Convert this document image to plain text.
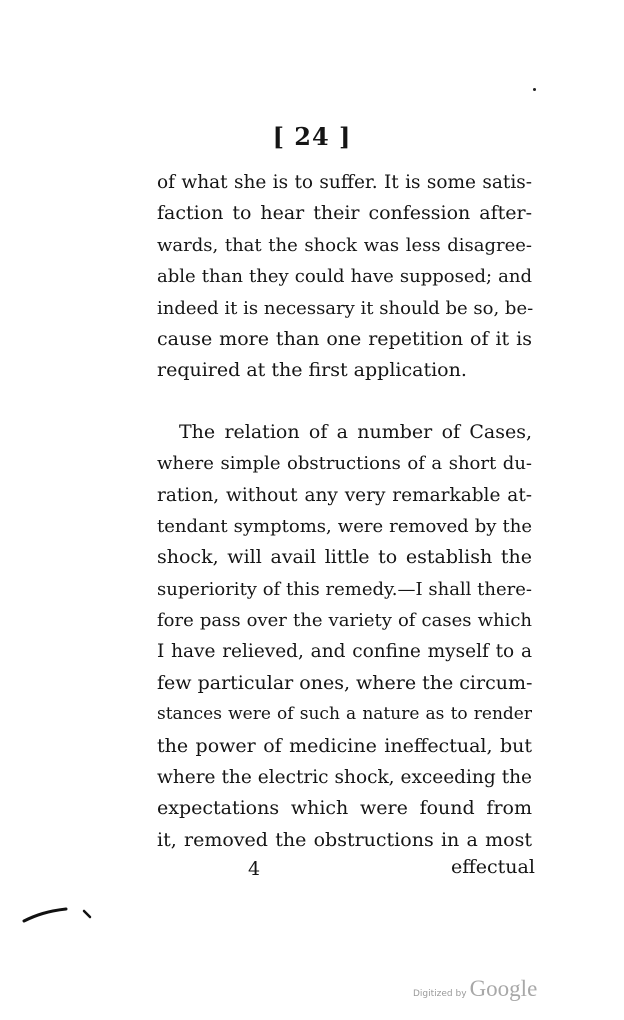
[ 24 ]
of what she is to suffer. It is some satis-
faction to hear their confession after-
wards, that the shock was less disagree-
able than they could have supposed; and
indeed it is necessary it should be so, be-
cause more than one repetition of it is
required at the first application.
The relation of a number of Cases,
where simple obstructions of a short du-
ration, without any very remarkable at-
tendant symptoms, were removed by the
shock, will avail little to establish the
superiority of this remedy.—I shall there-
fore pass over the variety of cases which
I have relieved, and confine myself to a
few particular ones, where the circum-
stances were of such a nature as to render
the power of medicine ineffectual, but
where the electric shock, exceeding the
expectations which were found from
it, removed the obstructions in a most
4	effectual
Digitized by Google
